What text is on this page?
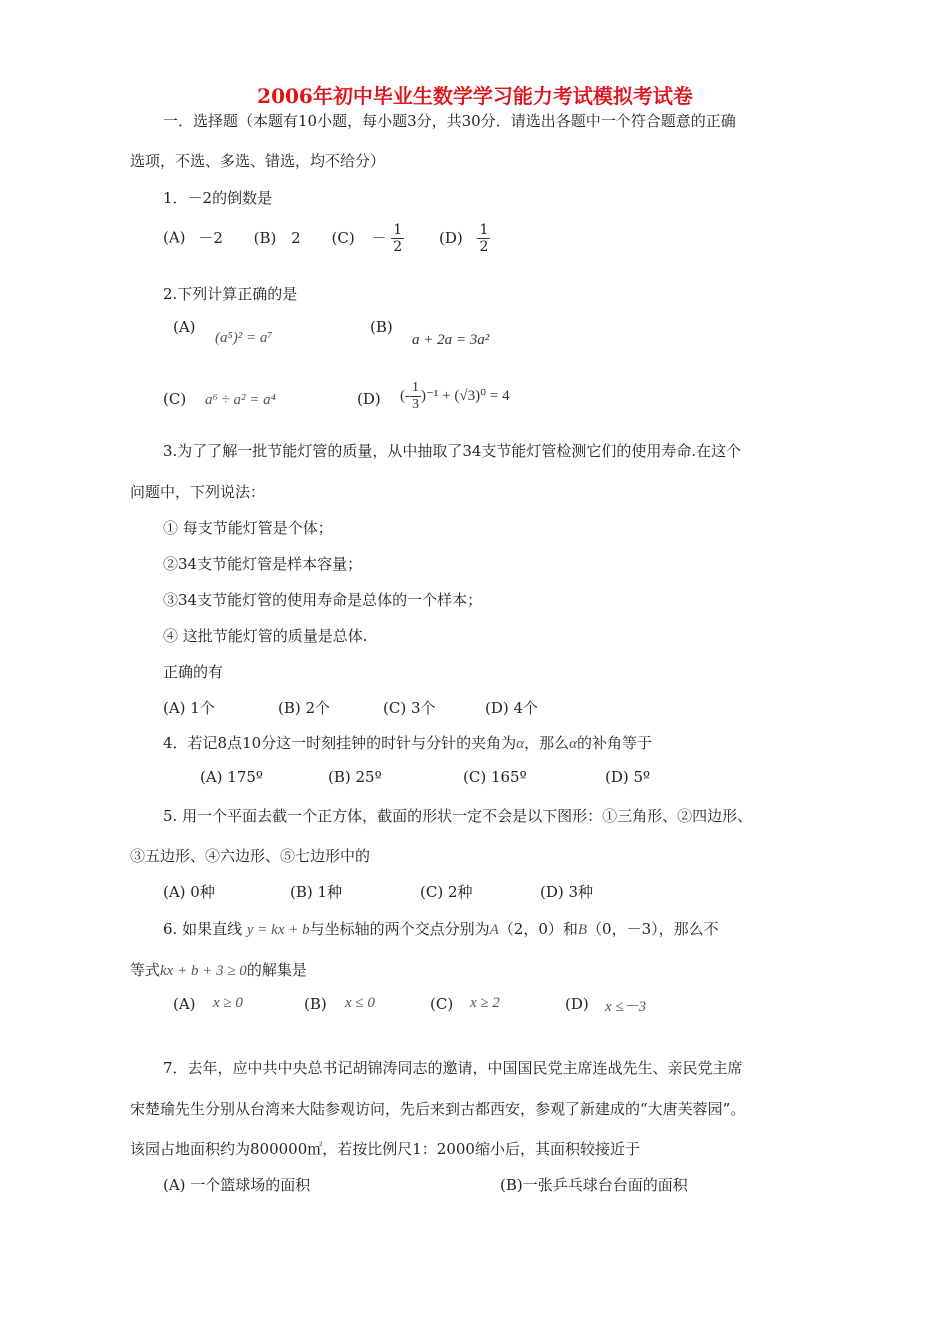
2006年初中毕业生数学学习能力考试模拟考试卷
一．选择题（本题有10小题，每小题3分，共30分．请选出各题中一个符合题意的正确
选项，不选、多选、错选，均不给分）
1．－2的倒数是
(A) －2 (B) 2 $(C) - \frac{1}{2} (D) \frac{1}{2}$
2.下列计算正确的是
(A)
(a⁵)² = a⁷
(B)
a + 2a = 3a²
(C) a⁶ ÷ a² = a⁴	(D) (- $\frac{1}{3} )^{-1} + (√3)^0 = 4$
3.为了了解一批节能灯管的质量，从中抽取了34支节能灯管检测它们的使用寿命.在这个
问题中，下列说法：
① 每支节能灯管是个体；
②34支节能灯管是样本容量；
③34支节能灯管的使用寿命是总体的一个样本；
④ 这批节能灯管的质量是总体.
正确的有
(A) 1个	(B) 2个	(C) 3个	(D) 4个
4．若记8点10分这一时刻挂钟的时针与分针的夹角为α，那么α的补角等于
(A) 175º	(B) 25º	(C) 165º	(D) 5º
5. 用一个平面去截一个正方体，截面的形状一定不会是以下图形：①三角形、②四边形、
③五边形、④六边形、⑤七边形中的
(A) 0种	(B) 1种	(C) 2种	(D) 3种
6. 如果直线 y = kx + b与坐标轴的两个交点分别为A（2，0）和B（0，－3），那么不
等式kx + b + 3 ≥ 0的解集是
(A) x ≥ 0	(B) x ≤ 0	(C) x ≥ 2	(D) x ≤－3
7．去年，应中共中央总书记胡锦涛同志的邀请，中国国民党主席连战先生、亲民党主席
宋楚瑜先生分别从台湾来大陆参观访问，先后来到古都西安，参观了新建成的“大唐芙蓉园”。
该园占地面积约为800000㎡，若按比例尺1：2000缩小后，其面积较接近于
(A) 一个篮球场的面积	(B)一张乒乓球台台面的面积
